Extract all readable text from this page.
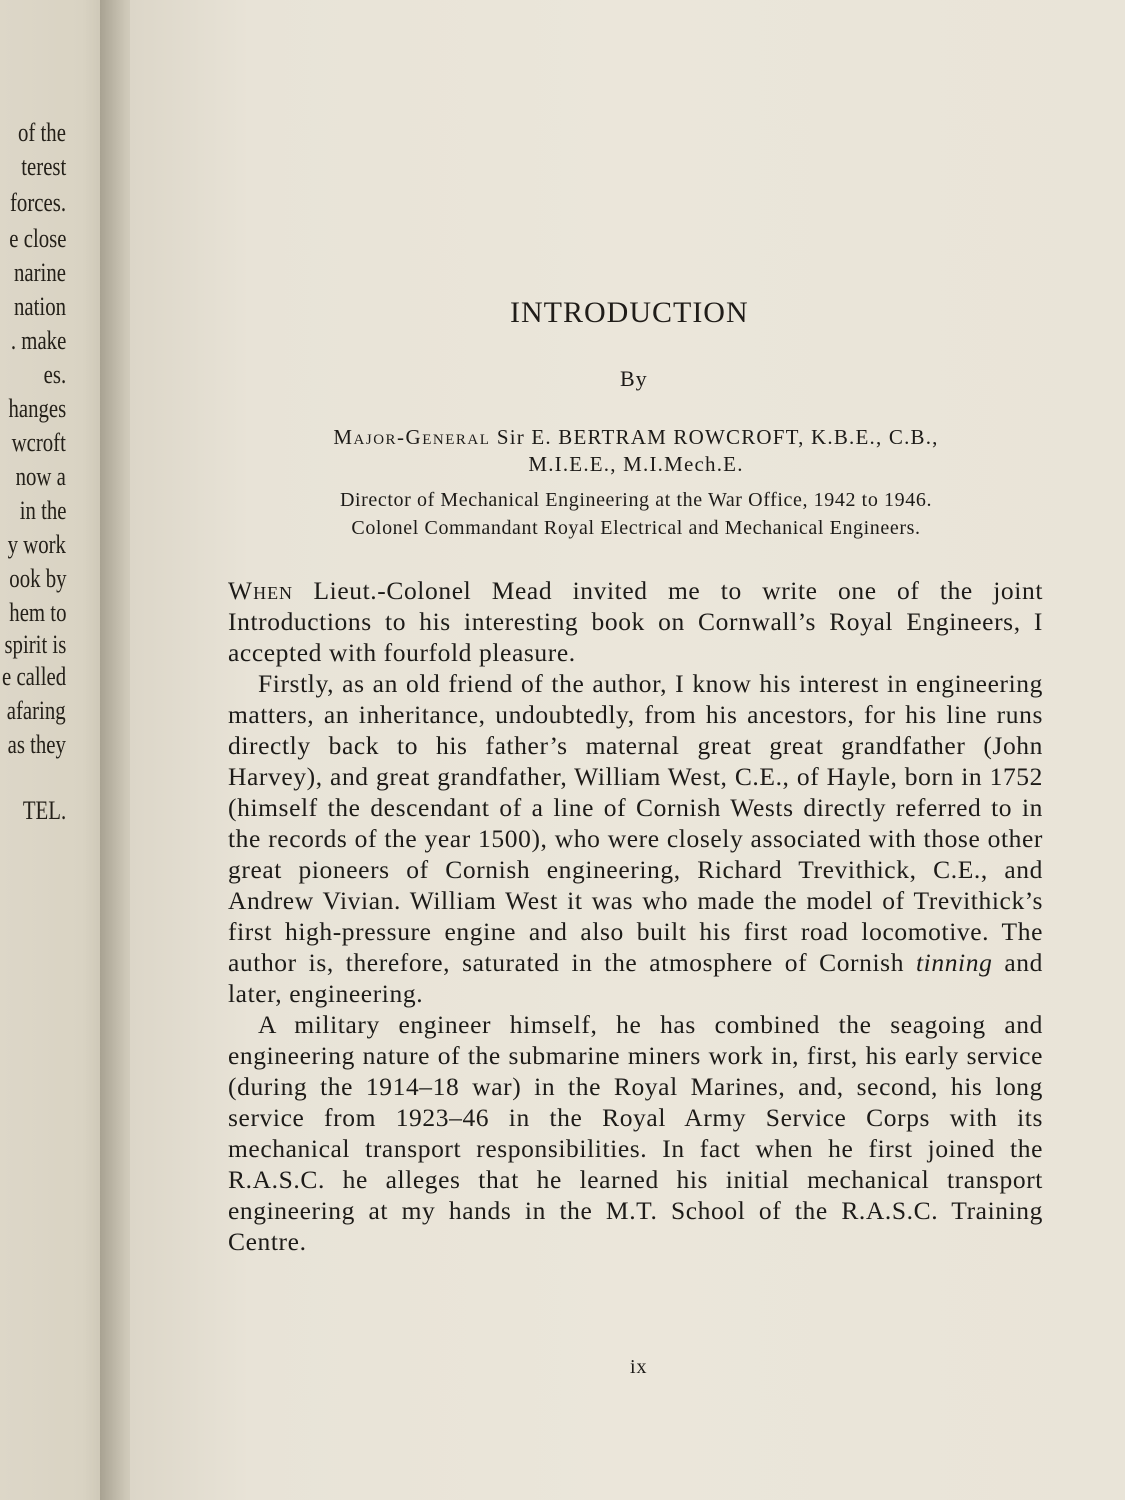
of the
terest
forces.
e close
narine
nation
. make
es.
hanges
wcroft
now a
in the
y work
ook by
hem to
spirit is
e called
afaring
as they
TEL.
INTRODUCTION
By
Major-General Sir E. BERTRAM ROWCROFT, K.B.E., C.B.,
M.I.E.E., M.I.Mech.E.
Director of Mechanical Engineering at the War Office, 1942 to 1946.
Colonel Commandant Royal Electrical and Mechanical Engineers.

When Lieut.-Colonel Mead invited me to write one of the joint Introductions to his interesting book on Cornwall’s Royal Engineers, I accepted with fourfold pleasure.

Firstly, as an old friend of the author, I know his interest in engineering matters, an inheritance, undoubtedly, from his ancestors, for his line runs directly back to his father’s maternal great great grandfather (John Harvey), and great grandfather, William West, C.E., of Hayle, born in 1752 (himself the descendant of a line of Cornish Wests directly referred to in the records of the year 1500), who were closely associated with those other great pioneers of Cornish engineering, Richard Trevithick, C.E., and Andrew Vivian. William West it was who made the model of Trevithick’s first high-pressure engine and also built his first road locomotive. The author is, therefore, saturated in the atmosphere of Cornish tinning and later, engineering.

A military engineer himself, he has combined the seagoing and engineering nature of the submarine miners work in, first, his early service (during the 1914–18 war) in the Royal Marines, and, second, his long service from 1923–46 in the Royal Army Service Corps with its mechanical transport responsibilities. In fact when he first joined the R.A.S.C. he alleges that he learned his initial mechanical transport engineering at my hands in the M.T. School of the R.A.S.C. Training Centre.

ix
